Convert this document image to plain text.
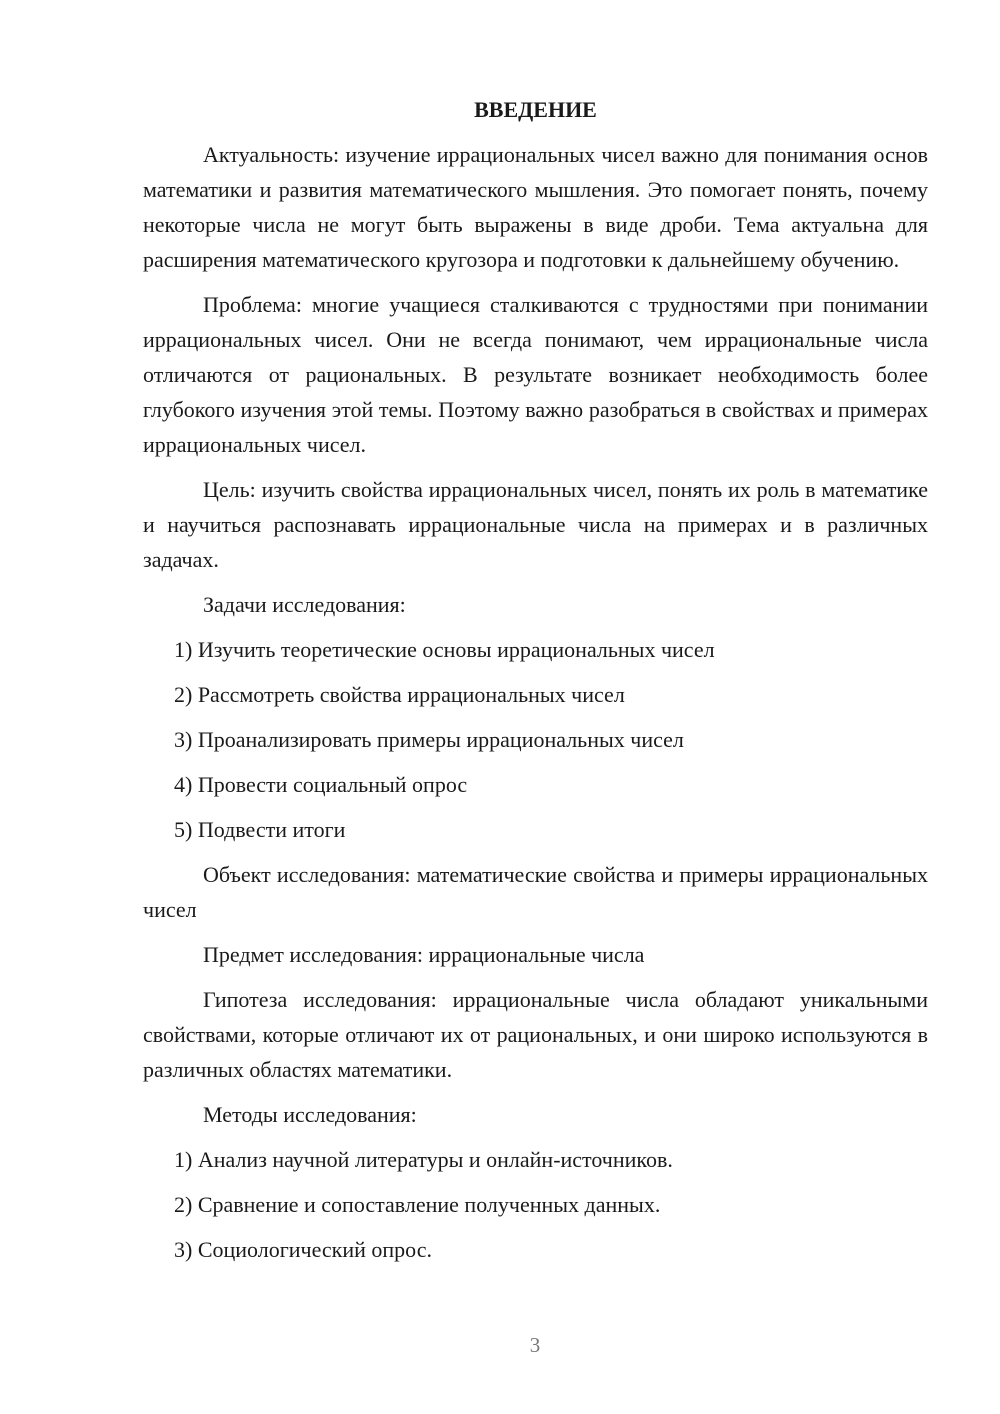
ВВЕДЕНИЕ

Актуальность: изучение иррациональных чисел важно для понимания основ математики и развития математического мышления. Это помогает понять, почему некоторые числа не могут быть выражены в виде дроби. Тема актуальна для расширения математического кругозора и подготовки к дальнейшему обучению.

Проблема: многие учащиеся сталкиваются с трудностями при понимании иррациональных чисел. Они не всегда понимают, чем иррациональные числа отличаются от рациональных. В результате возникает необходимость более глубокого изучения этой темы. Поэтому важно разобраться в свойствах и примерах иррациональных чисел.

Цель: изучить свойства иррациональных чисел, понять их роль в математике и научиться распознавать иррациональные числа на примерах и в различных задачах.

Задачи исследования:

1) Изучить теоретические основы иррациональных чисел

2) Рассмотреть свойства иррациональных чисел

3) Проанализировать примеры иррациональных чисел

4) Провести социальный опрос

5) Подвести итоги

Объект исследования: математические свойства и примеры иррациональных чисел

Предмет исследования: иррациональные числа

Гипотеза исследования: иррациональные числа обладают уникальными свойствами, которые отличают их от рациональных, и они широко используются в различных областях математики.

Методы исследования:

1) Анализ научной литературы и онлайн-источников.

2) Сравнение и сопоставление полученных данных.

3) Социологический опрос.

3
